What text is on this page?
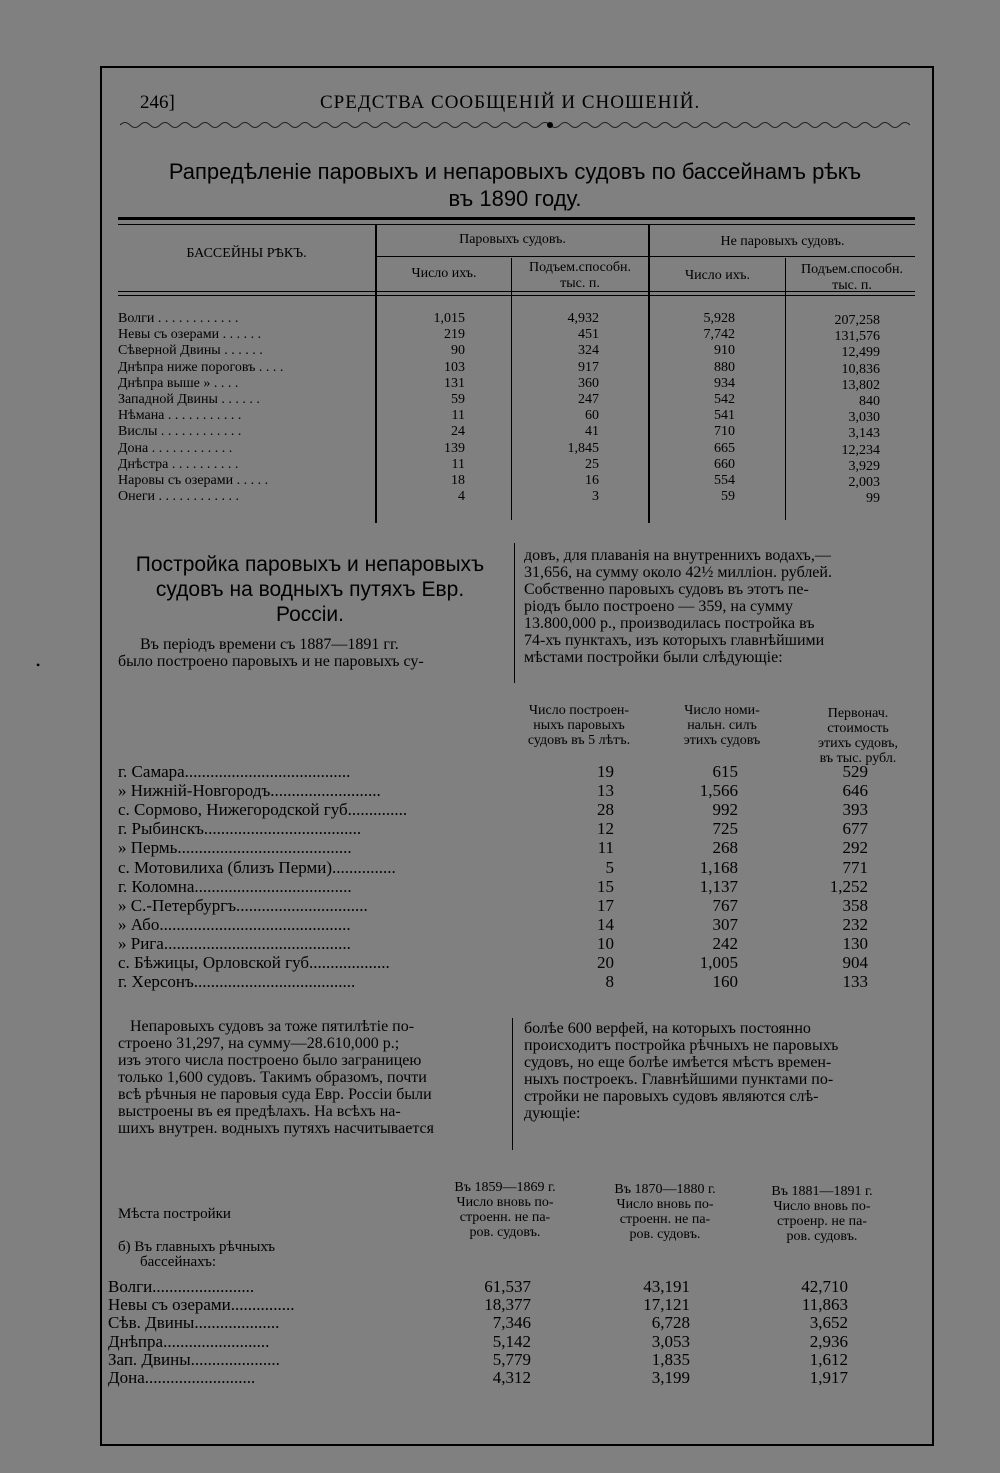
246]	СРЕДСТВА СООБЩЕНІЙ И СНОШЕНІЙ.
Рапредѣленіе паровыхъ и непаровыхъ судовъ по бассейнамъ рѣкъ
въ 1890 году.
БАССЕЙНЫ РѢКЪ.
Паровыхъ судовъ.	Не паровыхъ судовъ.
Число ихъ.	Подъем.способн.
тыс. п.
Число ихъ.	Подъем.способн.
тыс. п.
Волги . . . . . . . . . . . .	1,015	4,932	5,928	207,258
Невы съ озерами . . . . . .	219	451	7,742	131,576
Сѣверной Двины . . . . . .	90	324	910	12,499
Днѣпра ниже пороговъ . . . .	103	917	880	10,836
Днѣпра выше » . . . .	131	360	934	13,802
Западной Двины . . . . . .	59	247	542	840
Нѣмана . . . . . . . . . . .	11	60	541	3,030
Вислы . . . . . . . . . . . .	24	41	710	3,143
Дона . . . . . . . . . . . .	139	1,845	665	12,234
Днѣстра . . . . . . . . . .	11	25	660	3,929
Наровы съ озерами . . . . .	18	16	554	2,003
Онеги . . . . . . . . . . . .	4	3	59	99
Постройка паровыхъ и непаровыхъ
судовъ на водныхъ путяхъ Евр.
Россіи.
Въ періодъ времени съ 1887—1891 гг.
было построено паровыхъ и не паровыхъ су-
довъ, для плаванія на внутреннихъ водахъ,—
31,656, на сумму около 42½ милліон. рублей.
Собственно паровыхъ судовъ въ этотъ пе-
ріодъ было построено — 359, на сумму
13.800,000 р., производилась постройка въ
74-хъ пунктахъ, изъ которыхъ главнѣйшими
мѣстами постройки были слѣдующіе:
Число построен-
ныхъ паровыхъ
судовъ въ 5 лѣтъ.
Число номи-
нальн. силъ
этихъ судовъ
Первонач.
стоимость
этихъ судовъ,
въ тыс. рубл.
г. Самара.......................................	19	615	529
» Нижній-Новгородъ..........................	13	1,566	646
с. Сормово, Нижегородской губ..............	28	992	393
г. Рыбинскъ.....................................	12	725	677
» Пермь.........................................	11	268	292
с. Мотовилиха (близъ Перми)...............	5	1,168	771
г. Коломна.....................................	15	1,137	1,252
» С.-Петербургъ...............................	17	767	358
» Або.............................................	14	307	232
» Рига............................................	10	242	130
с. Бѣжицы, Орловской губ...................	20	1,005	904
г. Херсонъ......................................	8	160	133
Непаровыхъ судовъ за тоже пятилѣтіе по-
строено 31,297, на сумму—28.610,000 р.;
изъ этого числа построено было заграницею
только 1,600 судовъ. Такимъ образомъ, почти
всѣ рѣчныя не паровыя суда Евр. Россіи были
выстроены въ ея предѣлахъ. На всѣхъ на-
шихъ внутрен. водныхъ путяхъ насчитывается
болѣе 600 верфей, на которыхъ постоянно
происходитъ постройка рѣчныхъ не паровыхъ
судовъ, но еще болѣе имѣется мѣстъ времен-
ныхъ построекъ. Главнѣйшими пунктами по-
стройки не паровыхъ судовъ являются слѣ-
дующіе:
Мѣста постройки
б) Въ главныхъ рѣчныхъ
бассейнахъ:
Въ 1859—1869 г.
Число вновь по-
строенн. не па-
ров. судовъ.
Въ 1870—1880 г.
Число вновь по-
строенн. не па-
ров. судовъ.
Въ 1881—1891 г.
Число вновь по-
строенр. не па-
ров. судовъ.
Волги........................	61,537	43,191	42,710
Невы съ озерами...............	18,377	17,121	11,863
Сѣв. Двины....................	7,346	6,728	3,652
Днѣпра.........................	5,142	3,053	2,936
Зап. Двины.....................	5,779	1,835	1,612
Дона..........................	4,312	3,199	1,917
•
